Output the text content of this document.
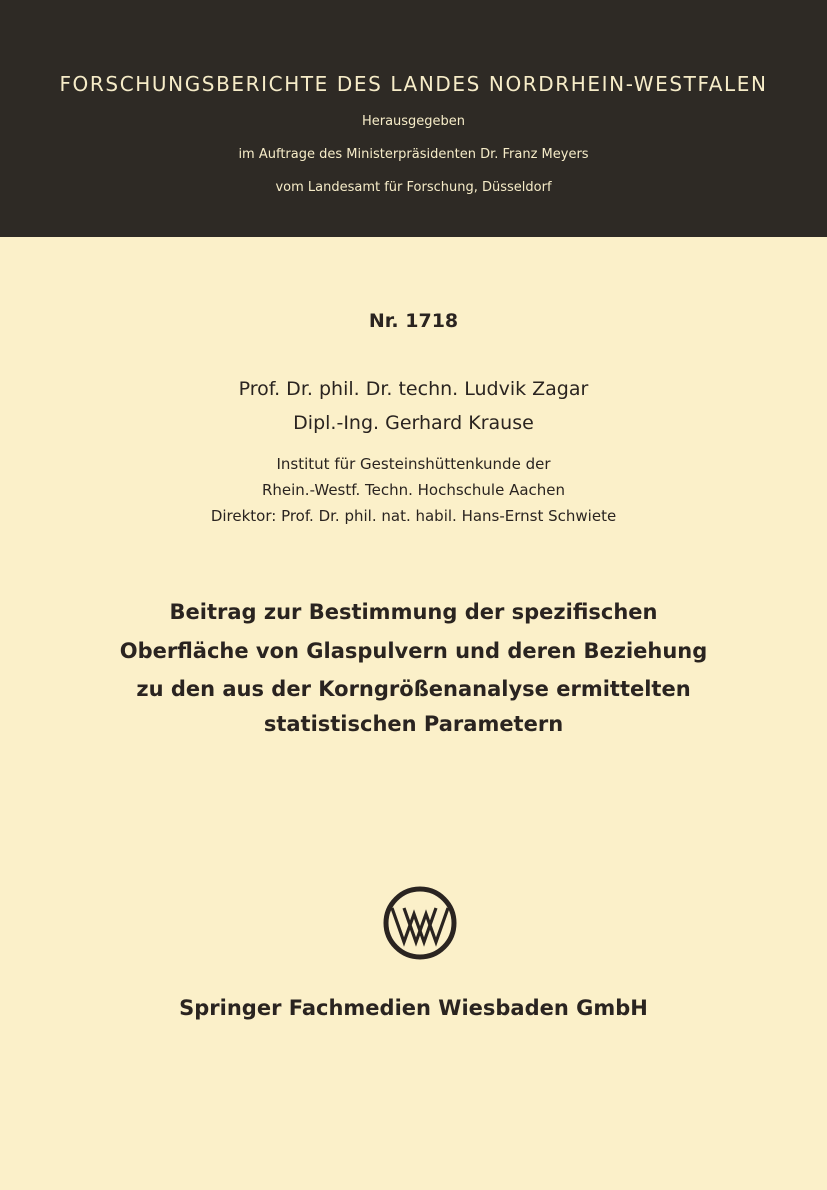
FORSCHUNGSBERICHTE DES LANDES NORDRHEIN-WESTFALEN
Herausgegeben
im Auftrage des Ministerpräsidenten Dr. Franz Meyers
vom Landesamt für Forschung, Düsseldorf
Nr. 1718
Prof. Dr. phil. Dr. techn. Ludvik Zagar
Dipl.-Ing. Gerhard Krause
Institut für Gesteinshüttenkunde der
Rhein.-Westf. Techn. Hochschule Aachen
Direktor: Prof. Dr. phil. nat. habil. Hans-Ernst Schwiete
Beitrag zur Bestimmung der spezifischen
Oberfläche von Glaspulvern und deren Beziehung
zu den aus der Korngrößenanalyse ermittelten
statistischen Parametern
Springer Fachmedien Wiesbaden GmbH
